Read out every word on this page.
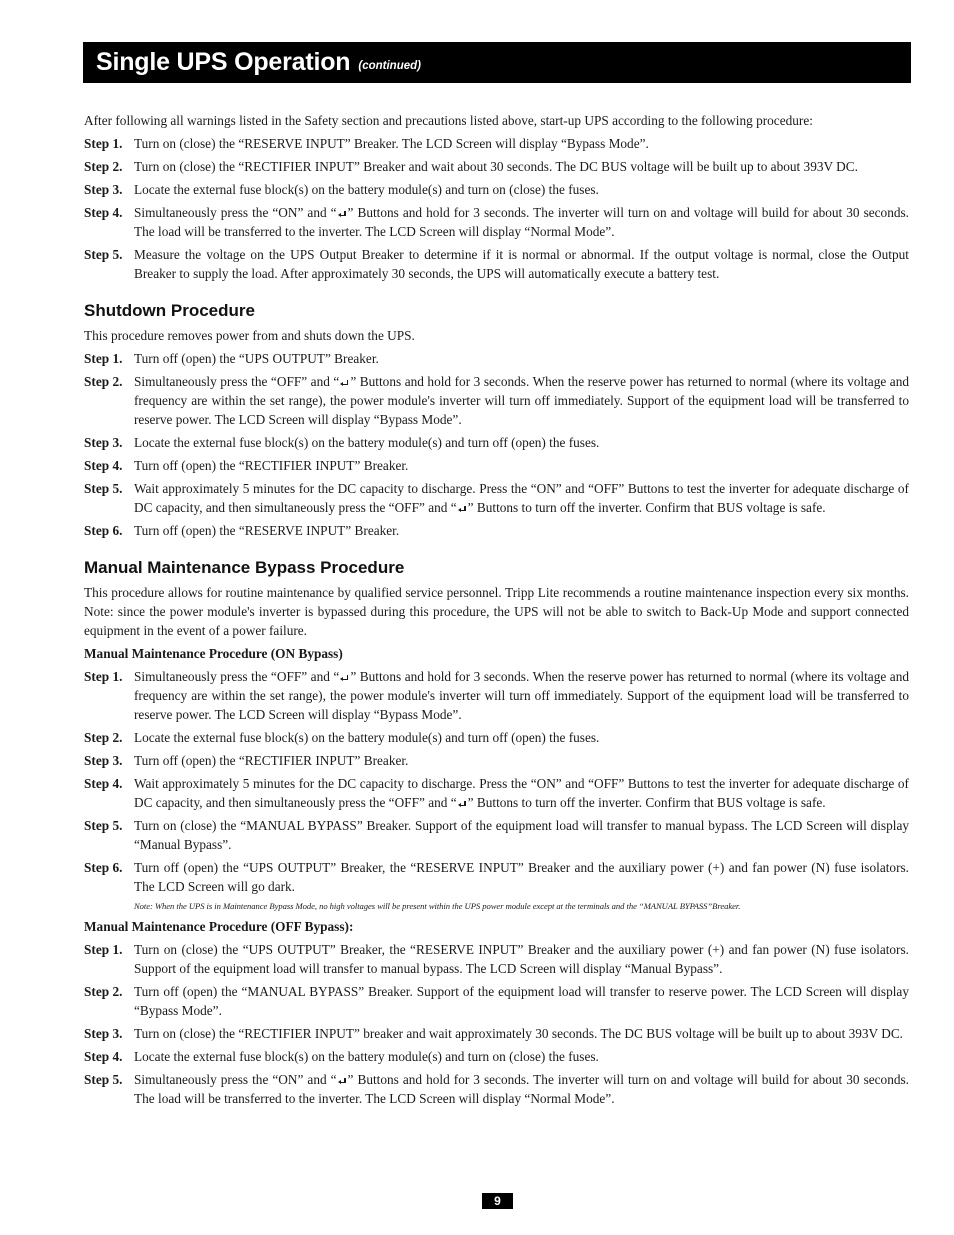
Single UPS Operation (continued)

After following all warnings listed in the Safety section and precautions listed above, start-up UPS according to the following procedure:

Step 1. Turn on (close) the “RESERVE INPUT” Breaker. The LCD Screen will display “Bypass Mode”.
Step 2. Turn on (close) the “RECTIFIER INPUT” Breaker and wait about 30 seconds. The DC BUS voltage will be built up to about 393V DC.
Step 3. Locate the external fuse block(s) on the battery module(s) and turn on (close) the fuses.
Step 4. Simultaneously press the “ON” and “ ” Buttons and hold for 3 seconds. The inverter will turn on and voltage will build for about 30 seconds. The load will be transferred to the inverter. The LCD Screen will display “Normal Mode”.
Step 5. Measure the voltage on the UPS Output Breaker to determine if it is normal or abnormal. If the output voltage is normal, close the Output Breaker to supply the load. After approximately 30 seconds, the UPS will automatically execute a battery test.
Shutdown Procedure

This procedure removes power from and shuts down the UPS.

Step 1. Turn off (open) the “UPS OUTPUT” Breaker.
Step 2. Simultaneously press the “OFF” and “ ” Buttons and hold for 3 seconds. When the reserve power has returned to normal (where its voltage and frequency are within the set range), the power module's inverter will turn off immediately. Support of the equipment load will be transferred to reserve power. The LCD Screen will display “Bypass Mode”.
Step 3. Locate the external fuse block(s) on the battery module(s) and turn off (open) the fuses.
Step 4. Turn off (open) the “RECTIFIER INPUT” Breaker.
Step 5. Wait approximately 5 minutes for the DC capacity to discharge. Press the “ON” and “OFF” Buttons to test the inverter for adequate discharge of DC capacity, and then simultaneously press the “OFF” and “ ” Buttons to turn off the inverter. Confirm that BUS voltage is safe.
Step 6. Turn off (open) the “RESERVE INPUT” Breaker.
Manual Maintenance Bypass Procedure

This procedure allows for routine maintenance by qualified service personnel. Tripp Lite recommends a routine maintenance inspection every six months. Note: since the power module's inverter is bypassed during this procedure, the UPS will not be able to switch to Back-Up Mode and support connected equipment in the event of a power failure.

Manual Maintenance Procedure (ON Bypass)
Step 1. Simultaneously press the “OFF” and “ ” Buttons and hold for 3 seconds. When the reserve power has returned to normal (where its voltage and frequency are within the set range), the power module's inverter will turn off immediately. Support of the equipment load will be transferred to reserve power. The LCD Screen will display “Bypass Mode”.
Step 2. Locate the external fuse block(s) on the battery module(s) and turn off (open) the fuses.
Step 3. Turn off (open) the “RECTIFIER INPUT” Breaker.
Step 4. Wait approximately 5 minutes for the DC capacity to discharge. Press the “ON” and “OFF” Buttons to test the inverter for adequate discharge of DC capacity, and then simultaneously press the “OFF” and “ ” Buttons to turn off the inverter. Confirm that BUS voltage is safe.
Step 5. Turn on (close) the “MANUAL BYPASS” Breaker. Support of the equipment load will transfer to manual bypass. The LCD Screen will display “Manual Bypass”.
Step 6. Turn off (open) the “UPS OUTPUT” Breaker, the “RESERVE INPUT” Breaker and the auxiliary power (+) and fan power (N) fuse isolators. The LCD Screen will go dark.
Note: When the UPS is in Maintenance Bypass Mode, no high voltages will be present within the UPS power module except at the terminals and the “MANUAL BYPASS”Breaker.
Manual Maintenance Procedure (OFF Bypass):
Step 1. Turn on (close) the “UPS OUTPUT” Breaker, the “RESERVE INPUT” Breaker and the auxiliary power (+) and fan power (N) fuse isolators. Support of the equipment load will transfer to manual bypass. The LCD Screen will display “Manual Bypass”.
Step 2. Turn off (open) the “MANUAL BYPASS” Breaker. Support of the equipment load will transfer to reserve power. The LCD Screen will display “Bypass Mode”.
Step 3. Turn on (close) the “RECTIFIER INPUT” breaker and wait approximately 30 seconds. The DC BUS voltage will be built up to about 393V DC.
Step 4. Locate the external fuse block(s) on the battery module(s) and turn on (close) the fuses.
Step 5. Simultaneously press the “ON” and “ ” Buttons and hold for 3 seconds. The inverter will turn on and voltage will build for about 30 seconds. The load will be transferred to the inverter. The LCD Screen will display “Normal Mode”.
9
